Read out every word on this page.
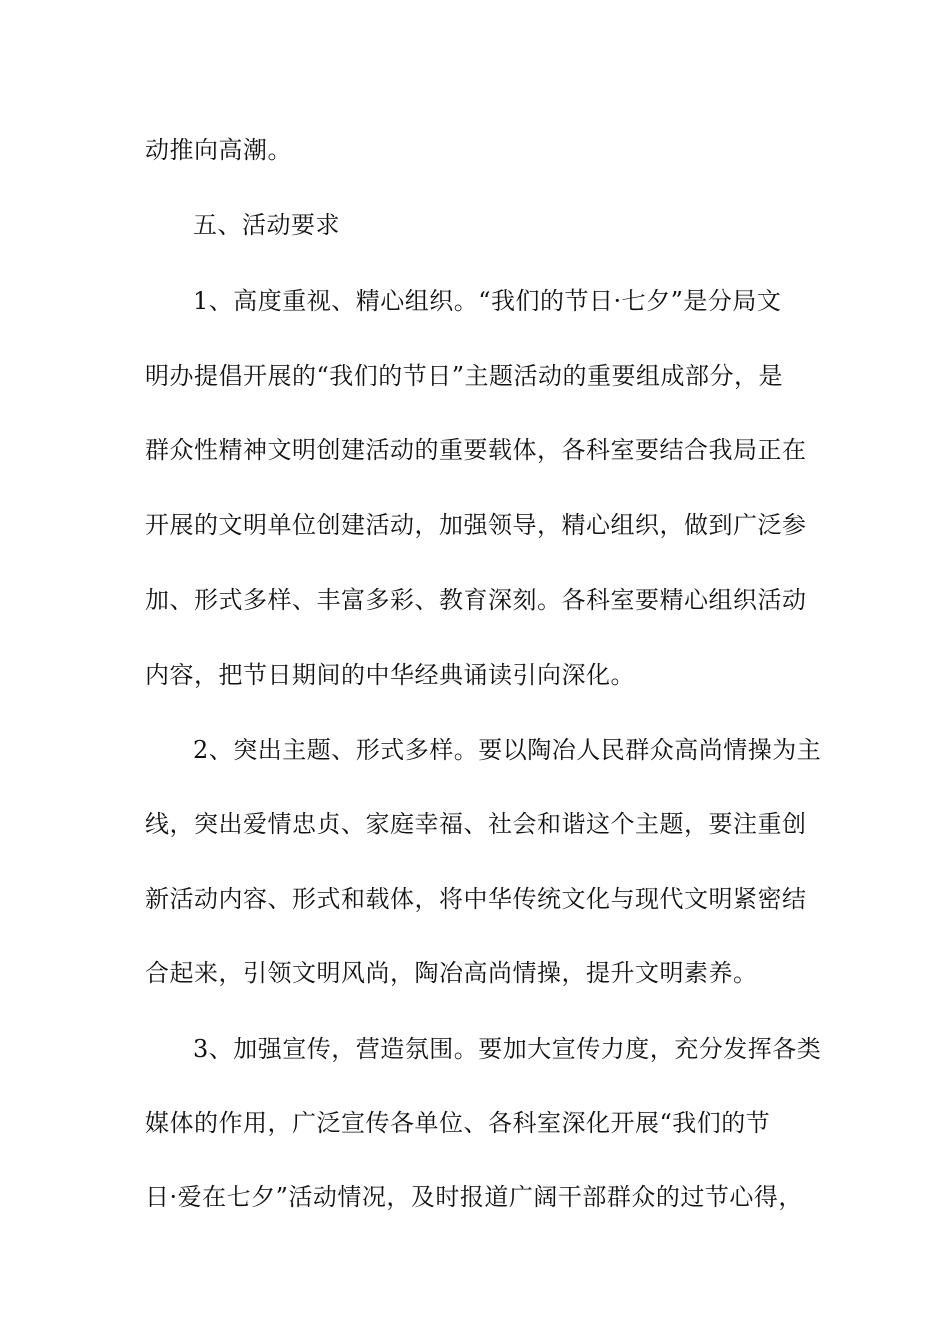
动推向高潮。
五、活动要求
1、高度重视、精心组织。“我们的节日·七夕”是分局文
明办提倡开展的“我们的节日”主题活动的重要组成部分，是
群众性精神文明创建活动的重要载体，各科室要结合我局正在
开展的文明单位创建活动，加强领导，精心组织，做到广泛参
加、形式多样、丰富多彩、教育深刻。各科室要精心组织活动
内容，把节日期间的中华经典诵读引向深化。
2、突出主题、形式多样。要以陶冶人民群众高尚情操为主
线，突出爱情忠贞、家庭幸福、社会和谐这个主题，要注重创
新活动内容、形式和载体，将中华传统文化与现代文明紧密结
合起来，引领文明风尚，陶冶高尚情操，提升文明素养。
3、加强宣传，营造氛围。要加大宣传力度，充分发挥各类
媒体的作用，广泛宣传各单位、各科室深化开展“我们的节
日·爱在七夕”活动情况，及时报道广阔干部群众的过节心得，
